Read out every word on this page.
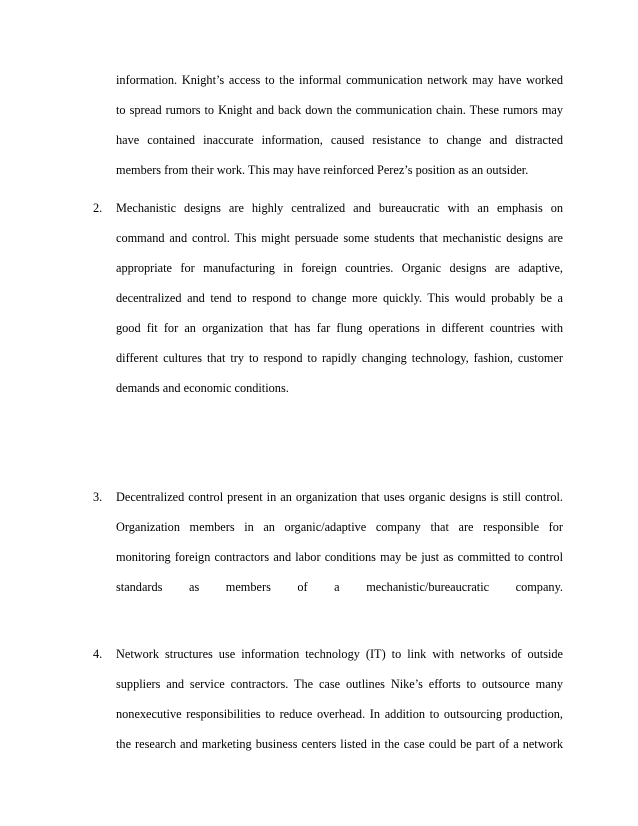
information. Knight’s access to the informal communication network may have worked
to spread rumors to Knight and back down the communication chain. These rumors may
have contained inaccurate information, caused resistance to change and distracted
members from their work. This may have reinforced Perez’s position as an outsider.
2. Mechanistic designs are highly centralized and bureaucratic with an emphasis on
command and control. This might persuade some students that mechanistic designs are
appropriate for manufacturing in foreign countries. Organic designs are adaptive,
decentralized and tend to respond to change more quickly. This would probably be a
good fit for an organization that has far flung operations in different countries with
different cultures that try to respond to rapidly changing technology, fashion, customer
demands and economic conditions.
3. Decentralized control present in an organization that uses organic designs is still control.
Organization members in an organic/adaptive company that are responsible for
monitoring foreign contractors and labor conditions may be just as committed to control
standards as members of a mechanistic/bureaucratic company.
4. Network structures use information technology (IT) to link with networks of outside
suppliers and service contractors. The case outlines Nike’s efforts to outsource many
nonexecutive responsibilities to reduce overhead. In addition to outsourcing production,
the research and marketing business centers listed in the case could be part of a network
